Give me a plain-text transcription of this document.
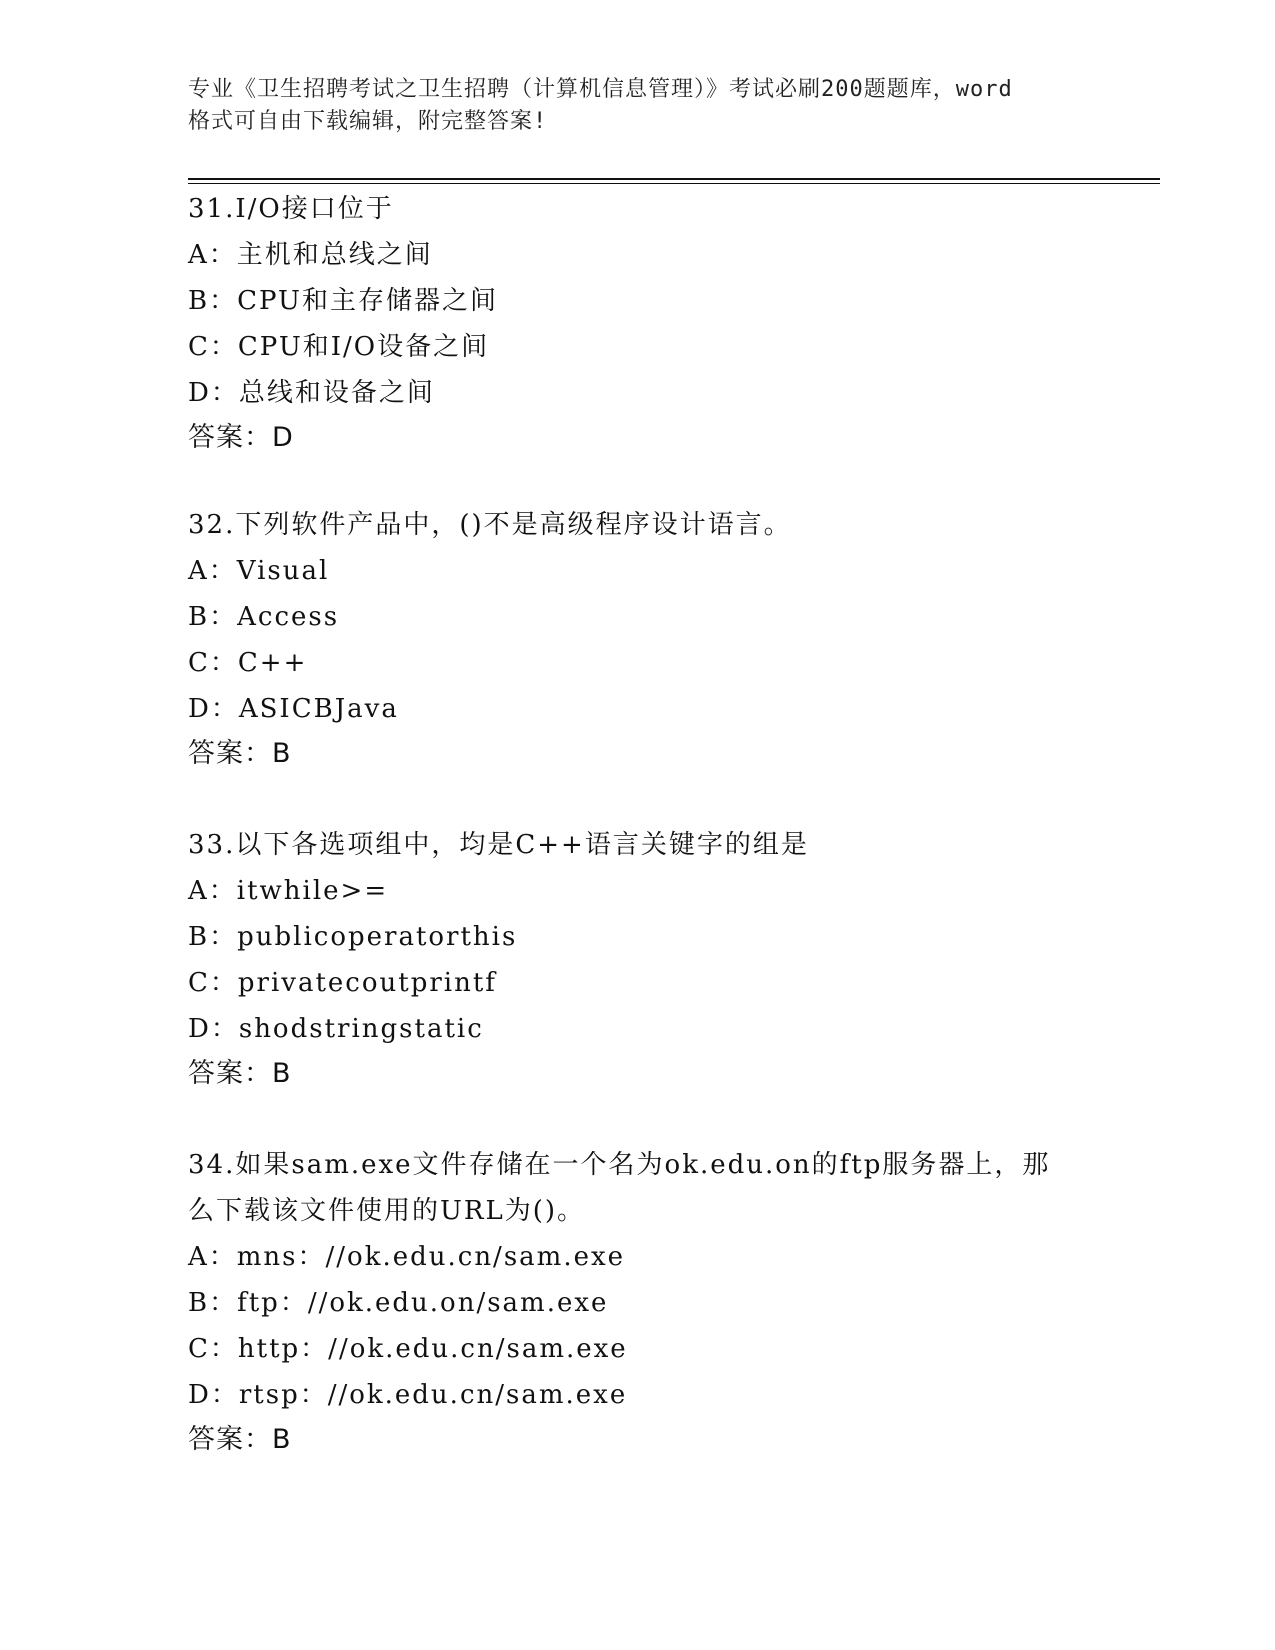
专业《卫生招聘考试之卫生招聘（计算机信息管理）》考试必刷200题题库，word
格式可自由下载编辑，附完整答案!
31.I/O接口位于
A：主机和总线之间
B：CPU和主存储器之间
C：CPU和I/O设备之间
D：总线和设备之间
答案：D
32.下列软件产品中，()不是高级程序设计语言。
A：Visual
B：Access
C：C++
D：ASICBJava
答案：B
33.以下各选项组中，均是C++语言关键字的组是
A：itwhile>=
B：publicoperatorthis
C：privatecoutprintf
D：shodstringstatic
答案：B
34.如果sam.exe文件存储在一个名为ok.edu.on的ftp服务器上，那
么下载该文件使用的URL为()。
A：mns：//ok.edu.cn/sam.exe
B：ftp：//ok.edu.on/sam.exe
C：http：//ok.edu.cn/sam.exe
D：rtsp：//ok.edu.cn/sam.exe
答案：B
